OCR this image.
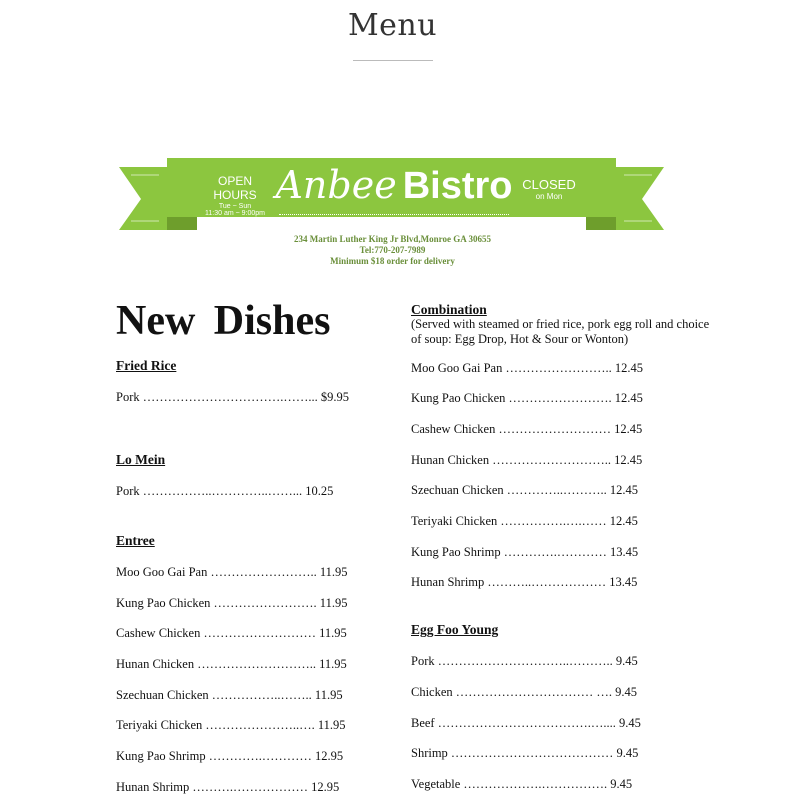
Menu
OPEN HOURS
Tue ~ Sun
11:30 am ~ 9:00pm
Anbee Bistro CLOSED
on Mon
234 Martin Luther King Jr Blvd,Monroe GA 30655
Tel:770-207-7989
Minimum $18 order for delivery
New Dishes
Fried Rice
Pork …………………………….……... $9.95
Lo Mein
Pork ……………..…………..……... 10.25
Entree
Moo Goo Gai Pan …………………….. 11.95
Kung Pao Chicken ……………………. 11.95
Cashew Chicken ……………………… 11.95
Hunan Chicken ……………………….. 11.95
Szechuan Chicken ……………..…….. 11.95
Teriyaki Chicken …………………..…. 11.95
Kung Pao Shrimp ………….………… 12.95
Hunan Shrimp ……….……………… 12.95
Combination
(Served with steamed or fried rice, pork egg roll and choice of soup: Egg Drop, Hot & Sour or Wonton)
Moo Goo Gai Pan …………………….. 12.45
Kung Pao Chicken ……………………. 12.45
Cashew Chicken ……………………… 12.45
Hunan Chicken ……………………….. 12.45
Szechuan Chicken …………..……….. 12.45
Teriyaki Chicken …………….….…… 12.45
Kung Pao Shrimp ………….………… 13.45
Hunan Shrimp ………..……………… 13.45
Egg Foo Young
Pork …………………………..……….. 9.45
Chicken …………………………… …. 9.45
Beef ……………………………….….... 9.45
Shrimp ………………………………… 9.45
Vegetable ……………….……………. 9.45
